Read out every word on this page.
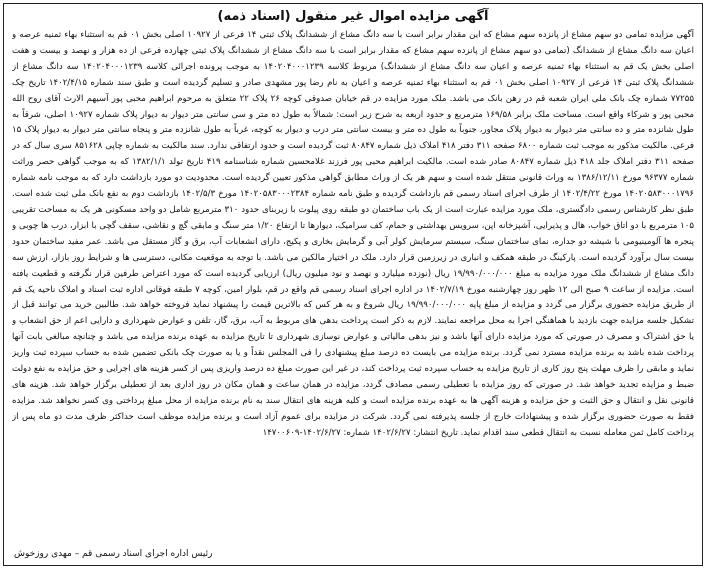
آگهی مزایده اموال غیر منقول (اسناد ذمه)

آگهی مزایده تمامی دو سهم مشاع از پانزده سهم مشاع که این مقدار برابر است با سه دانگ مشاع از ششدانگ پلاک ثبتی ۱۴ فرعی از ۱۰۹۲۷ اصلی بخش ۰۱ قم به استثناء بهاء ثمنیه عرصه و اعیان سه دانگ مشاع از ششدانگ (تمامی دو سهم مشاع از پانزده سهم مشاع که مقدار برابر است با سه دانگ مشاع از ششدانگ پلاک ثبتی چهارده فرعی از ده هزار و نهصد و بیست و هفت اصلی بخش یک قم به استثناء بهاء ثمنیه عرصه و اعیان سه دانگ مشاع از ششدانگ) مربوط کلاسه ۱۴۰۲۰۴۰۰۰۱۲۳۹ به موجب پرونده اجرائی کلاسه ۱۴۰۲۰۴۰۰۰۱۲۳۹ سه دانگ مشاع از ششدانگ پلاک ثبتی ۱۴ فرعی از ۱۰۹۲۷ اصلی بخش ۰۱ قم به استثناء بهاء ثمنیه عرصه و اعیان به نام رضا پور مشهدی صادر و تسلیم گردیده است و طبق سند شماره ۱۴۰۲/۴/۱۵ تاریخ چک ۷۷۲۵۵ شماره چک بانک ملی ایران شعبه قم در رهن بانک می باشد. ملک مورد مزایده در قم خیابان صدوقی کوچه ۲۶ پلاک ۲۲ متعلق به مرحوم ابراهیم محبی پور آسیهم الارث آقای روح الله محبی پور و شرکاء واقع است. مساحت ملک برابر ۱۶۹/۵۸ مترمربع و حدود اربعه به شرح زیر است: شمالاً به طول ده متر و سی سانتی متر دیوار به دیوار پلاک شماره ۱۰۹۲۷ اصلی، شرقاً به طول شانزده متر و ده سانتی متر دیوار به دیوار پلاک مجاور، جنوباً به طول ده متر و بیست سانتی متر درب و دیوار به کوچه، غرباً به طول شانزده متر و پنجاه سانتی متر دیوار به دیوار پلاک ۱۵ فرعی. مالکیت مذکور به موجب ثبت شماره ۶۸۰۰ صفحه ۳۱۱ دفتر ۴۱۸ املاک ذیل شماره ۸۰۸۴۷ ثبت گردیده است و حدود ارتفاقی ندارد. سند مالکیت به شماره چاپی ۸۵۱۶۲۸ سری سال که در صفحه ۳۱۱ دفتر املاک جلد ۴۱۸ ذیل شماره ۸۰۸۴۷ صادر شده است. مالکیت ابراهیم محبی پور فرزند غلامحسین شماره شناسنامه ۴۱۹ تاریخ تولد ۱۳۸۲/۱/۱ که به موجب گواهی حصر وراثت شماره ۹۶۳۷۷ مورخ ۱۳۸۶/۱۲/۱۱ به وراث قانونی منتقل شده است و سهم هر یک از وراث مطابق گواهی مذکور تعیین گردیده است. محدودیت دو مورد بازداشت دارد که به موجب نامه شماره ۱۴۰۲۰۵۸۳۰۰۰۱۷۹۶ مورخ ۱۴۰۲/۴/۲۲ از طرف اجرای اسناد رسمی قم بازداشت گردیده و طبق نامه شماره ۱۴۰۲۰۵۸۳۰۰۰۲۳۸۴ مورخ ۱۴۰۲/۵/۳ بازداشت دوم به نفع بانک ملی ثبت شده است. طبق نظر کارشناس رسمی دادگستری، ملک مورد مزایده عبارت است از یک باب ساختمان دو طبقه روی پیلوت با زیربنای حدود ۳۱۰ مترمربع شامل دو واحد مسکونی هر یک به مساحت تقریبی ۱۰۵ مترمربع با دو اتاق خواب، هال و پذیرایی، آشپزخانه اپن، سرویس بهداشتی و حمام، کف سرامیک، دیوارها تا ارتفاع ۱/۲۰ متر سنگ و مابقی گچ و نقاشی، سقف گچی با ابزار، درب ها چوبی و پنجره ها آلومینیومی با شیشه دو جداره، نمای ساختمان سنگ، سیستم سرمایش کولر آبی و گرمایش بخاری و پکیج، دارای انشعابات آب، برق و گاز مستقل می باشد. عمر مفید ساختمان حدود بیست سال برآورد گردیده است. پارکینگ در طبقه همکف و انباری در زیرزمین قرار دارد. ملک در اختیار مالکین می باشد. با توجه به موقعیت مکانی، دسترسی ها و شرایط روز بازار، ارزش سه دانگ مشاع از ششدانگ ملک مورد مزایده به مبلغ ۱۹/۹۹۰/۰۰۰/۰۰۰ ریال (نوزده میلیارد و نهصد و نود میلیون ریال) ارزیابی گردیده است که مورد اعتراض طرفین قرار نگرفته و قطعیت یافته است. مزایده از ساعت ۹ صبح الی ۱۲ ظهر روز چهارشنبه مورخ ۱۴۰۲/۷/۱۹ در اداره اجرای اسناد رسمی قم واقع در قم، بلوار امین، کوچه ۷ طبقه فوقانی اداره ثبت اسناد و املاک ناحیه یک قم از طریق مزایده حضوری برگزار می گردد و مزایده از مبلغ پایه ۱۹/۹۹۰/۰۰۰/۰۰۰ ریال شروع و به هر کس که بالاترین قیمت را پیشنهاد نماید فروخته خواهد شد. طالبین خرید می توانند قبل از تشکیل جلسه مزایده جهت بازدید با هماهنگی اجرا به محل مراجعه نمایند. لازم به ذکر است پرداخت بدهی های مربوط به آب، برق، گاز، تلفن و عوارض شهرداری و دارایی اعم از حق انشعاب و یا حق اشتراک و مصرف در صورتی که مورد مزایده دارای آنها باشد و نیز بدهی مالیاتی و عوارض نوسازی شهرداری تا تاریخ مزایده به عهده برنده مزایده می باشد و چنانچه مبالغی بابت آنها پرداخت شده باشد به برنده مزایده مسترد نمی گردد. برنده مزایده می بایست ده درصد مبلغ پیشنهادی را فی المجلس نقداً و یا به صورت چک بانکی تضمین شده به حساب سپرده ثبت واریز نماید و مابقی را ظرف مهلت پنج روز کاری از تاریخ مزایده به حساب سپرده ثبت پرداخت کند، در غیر این صورت مبلغ ده درصد واریزی پس از کسر هزینه های اجرایی و حق مزایده به نفع دولت ضبط و مزایده تجدید خواهد شد. در صورتی که روز مزایده با تعطیلی رسمی مصادف گردد، مزایده در همان ساعت و همان مکان در روز اداری بعد از تعطیلی برگزار خواهد شد. هزینه های قانونی نقل و انتقال و حق الثبت و حق مزایده و هزینه آگهی ها به عهده برنده مزایده است و کلیه هزینه های انتقال سند به نام برنده مزایده از محل مبلغ پرداختی وی کسر نخواهد شد. مزایده فقط به صورت حضوری برگزار شده و پیشنهادات خارج از جلسه پذیرفته نمی گردد. شرکت در مزایده برای عموم آزاد است و برنده مزایده موظف است حداکثر ظرف مدت دو ماه پس از پرداخت کامل ثمن معامله نسبت به انتقال قطعی سند اقدام نماید. تاریخ انتشار: ۱۴۰۲/۶/۲۷ شماره: ۱۴۰۲/۶/۲۷-۱۴۷۰۰۶۰۹

رئیس اداره اجرای اسناد رسمی قم – مهدی روزخوش
